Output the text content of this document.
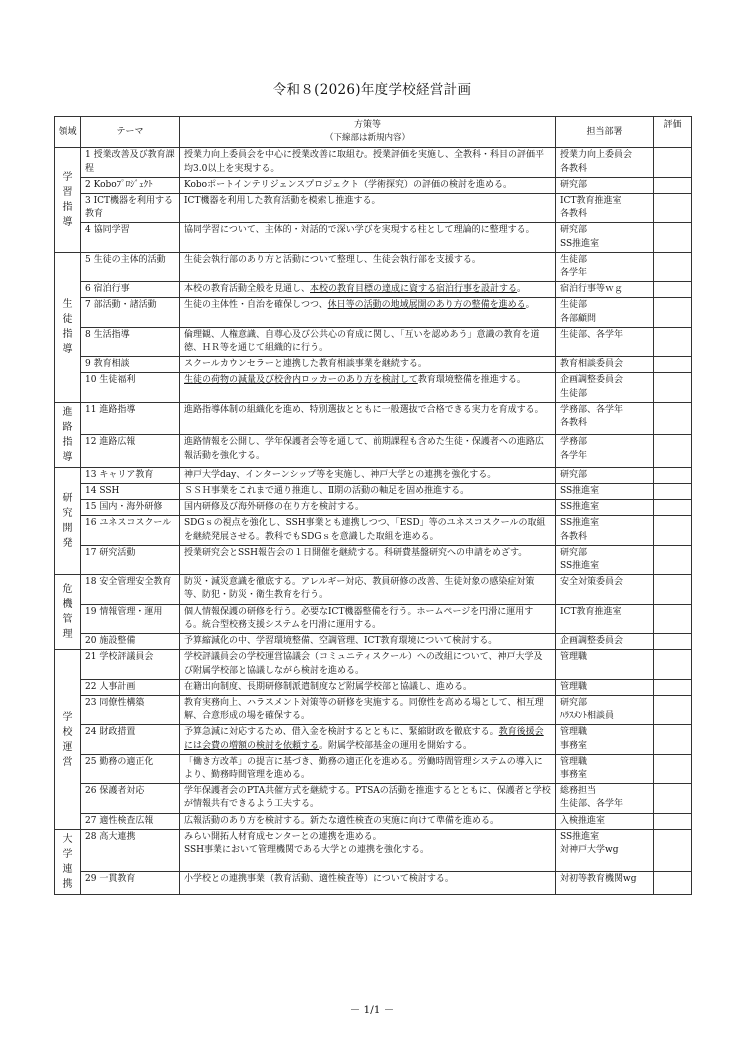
令和８(2026)年度学校経営計画
領域	テーマ	方策等
（下線部は新規内容）	担当部署	評価

学
習
指
導	1 授業改善及び教育課程	授業力向上委員会を中心に授業改善に取組む。授業評価を実施し、全教科・科目の評価平均3.0以上を実現する。	授業力向上委員会
各教科	
	2 Koboﾌﾟﾛｼﾞｪｸﾄ	Koboポートインテリジェンスプロジェクト（学術探究）の評価の検討を進める。	研究部	
	3 ICT機器を利用する教育	ICT機器を利用した教育活動を模索し推進する。	ICT教育推進室
各教科	
	4 協同学習	協同学習について、主体的・対話的で深い学びを実現する柱として理論的に整理する。	研究部
SS推進室	

生
徒
指
導	5 生徒の主体的活動	生徒会執行部のあり方と活動について整理し、生徒会執行部を支援する。	生徒部
各学年	
	6 宿泊行事	本校の教育活動全般を見通し、本校の教育目標の達成に資する宿泊行事を設計する。	宿泊行事等ｗｇ	
	7 部活動・諸活動	生徒の主体性・自治を確保しつつ、休日等の活動の地域展開のあり方の整備を進める。	生徒部
各部顧問	
	8 生活指導	倫理観、人権意識、自尊心及び公共心の育成に関し、「互いを認めあう」意識の教育を道徳、ＨＲ等を通じて組織的に行う。	生徒部、各学年	
	9 教育相談	スクールカウンセラーと連携した教育相談事業を継続する。	教育相談委員会	
	10 生徒福利	生徒の荷物の減量及び校舎内ロッカーのあり方を検討して教育環境整備を推進する。	企画調整委員会
生徒部	

進
路
指
導	11 進路指導	進路指導体制の組織化を進め、特別選抜とともに一般選抜で合格できる実力を育成する。	学務部、各学年
各教科	
	12 進路広報	進路情報を公開し、学年保護者会等を通して、前期課程も含めた生徒・保護者への進路広報活動を強化する。	学務部
各学年	

研
究
開
発	13 キャリア教育	神戸大学day、インターンシップ等を実施し、神戸大学との連携を強化する。	研究部	
	14 SSH	ＳＳＨ事業をこれまで通り推進し、Ⅱ期の活動の軸足を固め推進する。	SS推進室	
	15 国内・海外研修	国内研修及び海外研修の在り方を検討する。	SS推進室	
	16 ユネスコスクール	SDGｓの視点を強化し、SSH事業とも連携しつつ、「ESD」等のユネスコスクールの取組を継続発展させる。教科でもSDGｓを意識した取組を進める。	SS推進室
各教科	
	17 研究活動	授業研究会とSSH報告会の１日開催を継続する。科研費基盤研究への申請をめざす。	研究部
SS推進室	

危
機
管
理	18 安全管理安全教育	防災・減災意識を徹底する。アレルギー対応、教員研修の改善、生徒対象の感染症対策等、防犯・防災・衛生教育を行う。	安全対策委員会	
	19 情報管理・運用	個人情報保護の研修を行う。必要なICT機器整備を行う。ホームページを円滑に運用する。統合型校務支援システムを円滑に運用する。	ICT教育推進室	
	20 施設整備	予算縮減化の中、学習環境整備、空調管理、ICT教育環境について検討する。	企画調整委員会	

学
校
運
営	21 学校評議員会	学校評議員会の学校運営協議会（コミュニティスクール）への改組について、神戸大学及び附属学校部と協議しながら検討を進める。	管理職	
	22 人事計画	在籍出向制度、長期研修制派遣制度など附属学校部と協議し、進める。	管理職	
	23 同僚性構築	教育実務向上、ハラスメント対策等の研修を実施する。同僚性を高める場として、相互理解、合意形成の場を確保する。	研究部
ﾊﾗｽﾒﾝﾄ相談員	
	24 財政措置	予算急減に対応するため、借入金を検討するとともに、緊縮財政を徹底する。教育後援会には会費の増額の検討を依頼する。附属学校部基金の運用を開始する。	管理職
事務室	
	25 勤務の適正化	「働き方改革」の提言に基づき、勤務の適正化を進める。労働時間管理システムの導入により、勤務時間管理を進める。	管理職
事務室	
	26 保護者対応	学年保護者会のPTA共催方式を継続する。PTSAの活動を推進するとともに、保護者と学校が情報共有できるよう工夫する。	総務担当
生徒部、各学年	
	27 適性検査広報	広報活動のあり方を検討する。新たな適性検査の実施に向けて準備を進める。	入検推進室	

大
学
連
携	28 高大連携	みらい開拓人材育成センターとの連携を進める。
SSH事業において管理機関である大学との連携を強化する。	SS推進室
対神戸大学wg	
	29 一貫教育	小学校との連携事業（教育活動、適性検査等）について検討する。	対初等教育機関wg	
－ 1/1 －
